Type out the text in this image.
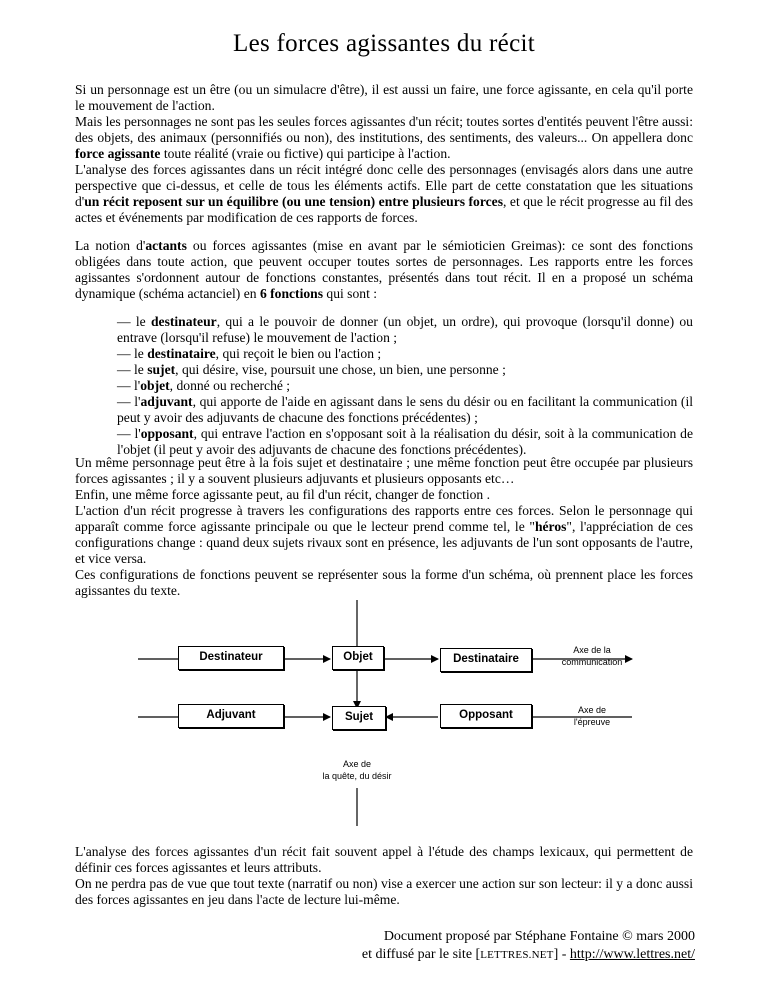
Les forces agissantes du récit

Si un personnage est un être (ou un simulacre d'être), il est aussi un faire, une force agissante, en cela qu'il porte le mouvement de l'action.
Mais les personnages ne sont pas les seules forces agissantes d'un récit; toutes sortes d'entités peuvent l'être aussi: des objets, des animaux (personnifiés ou non), des institutions, des sentiments, des valeurs... On appellera donc force agissante toute réalité (vraie ou fictive) qui participe à l'action.
L'analyse des forces agissantes dans un récit intégré donc celle des personnages (envisagés alors dans une autre perspective que ci-dessus, et celle de tous les éléments actifs. Elle part de cette constatation que les situations d'un récit reposent sur un équilibre (ou une tension) entre plusieurs forces, et que le récit progresse au fil des actes et événements par modification de ces rapports de forces.

La notion d'actants ou forces agissantes (mise en avant par le sémioticien Greimas): ce sont des fonctions obligées dans toute action, que peuvent occuper toutes sortes de personnages. Les rapports entre les forces agissantes s'ordonnent autour de fonctions constantes, présentés dans tout récit. Il en a proposé un schéma dynamique (schéma actanciel) en 6 fonctions qui sont :

— le destinateur, qui a le pouvoir de donner (un objet, un ordre), qui provoque (lorsqu'il donne) ou entrave (lorsqu'il refuse) le mouvement de l'action ;
— le destinataire, qui reçoit le bien ou l'action ;
— le sujet, qui désire, vise, poursuit une chose, un bien, une personne ;
— l'objet, donné ou recherché ;
— l'adjuvant, qui apporte de l'aide en agissant dans le sens du désir ou en facilitant la communication (il peut y avoir des adjuvants de chacune des fonctions précédentes) ;
— l'opposant, qui entrave l'action en s'opposant soit à la réalisation du désir, soit à la communication de l'objet (il peut y avoir des adjuvants de chacune des fonctions précédentes).

Un même personnage peut être à la fois sujet et destinataire ; une même fonction peut être occupée par plusieurs forces agissantes ; il y a souvent plusieurs adjuvants et plusieurs opposants etc…
Enfin, une même force agissante peut, au fil d'un récit, changer de fonction .
L'action d'un récit progresse à travers les configurations des rapports entre ces forces. Selon le personnage qui apparaît comme force agissante principale ou que le lecteur prend comme tel, le "héros", l'appréciation de ces configurations change : quand deux sujets rivaux sont en présence, les adjuvants de l'un sont opposants de l'autre, et vice versa.
Ces configurations de fonctions peuvent se représenter sous la forme d'un schéma, où prennent place les forces agissantes du texte.

Destinateur	Objet	Destinataire
Adjuvant	Sujet	Opposant
Axe de la
communication
Axe de
l'épreuve
Axe de
la quête, du désir

L'analyse des forces agissantes d'un récit fait souvent appel à l'étude des champs lexicaux, qui permettent de définir ces forces agissantes et leurs attributs.
On ne perdra pas de vue que tout texte (narratif ou non) vise a exercer une action sur son lecteur: il y a donc aussi des forces agissantes en jeu dans l'acte de lecture lui-même.

Document proposé par Stéphane Fontaine © mars 2000
et diffusé par le site [LETTRES.NET] - http://www.lettres.net/
